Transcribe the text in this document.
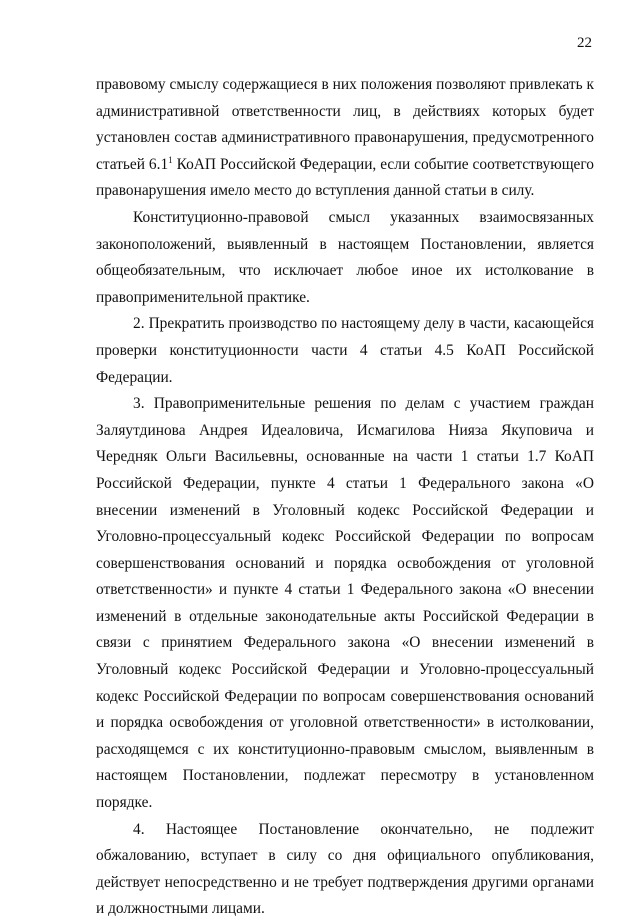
22

правовому смыслу содержащиеся в них положения позволяют привлекать к административной ответственности лиц, в действиях которых будет установлен состав административного правонарушения, предусмотренного статьей $6.1^1$ КоАП Российской Федерации, если событие соответствующего правонарушения имело место до вступления данной статьи в силу.

Конституционно-правовой смысл указанных взаимосвязанных законоположений, выявленный в настоящем Постановлении, является общеобязательным, что исключает любое иное их истолкование в правоприменительной практике.

2. Прекратить производство по настоящему делу в части, касающейся проверки конституционности части 4 статьи 4.5 КоАП Российской Федерации.

3. Правоприменительные решения по делам с участием граждан Заляутдинова Андрея Идеаловича, Исмагилова Нияза Якуповича и Чередняк Ольги Васильевны, основанные на части 1 статьи 1.7 КоАП Российской Федерации, пункте 4 статьи 1 Федерального закона «О внесении изменений в Уголовный кодекс Российской Федерации и Уголовно-процессуальный кодекс Российской Федерации по вопросам совершенствования оснований и порядка освобождения от уголовной ответственности» и пункте 4 статьи 1 Федерального закона «О внесении изменений в отдельные законодательные акты Российской Федерации в связи с принятием Федерального закона «О внесении изменений в Уголовный кодекс Российской Федерации и Уголовно-процессуальный кодекс Российской Федерации по вопросам совершенствования оснований и порядка освобождения от уголовной ответственности» в истолковании, расходящемся с их конституционно-правовым смыслом, выявленным в настоящем Постановлении, подлежат пересмотру в установленном порядке.

4. Настоящее Постановление окончательно, не подлежит обжалованию, вступает в силу со дня официального опубликования, действует непосредственно и не требует подтверждения другими органами и должностными лицами.
